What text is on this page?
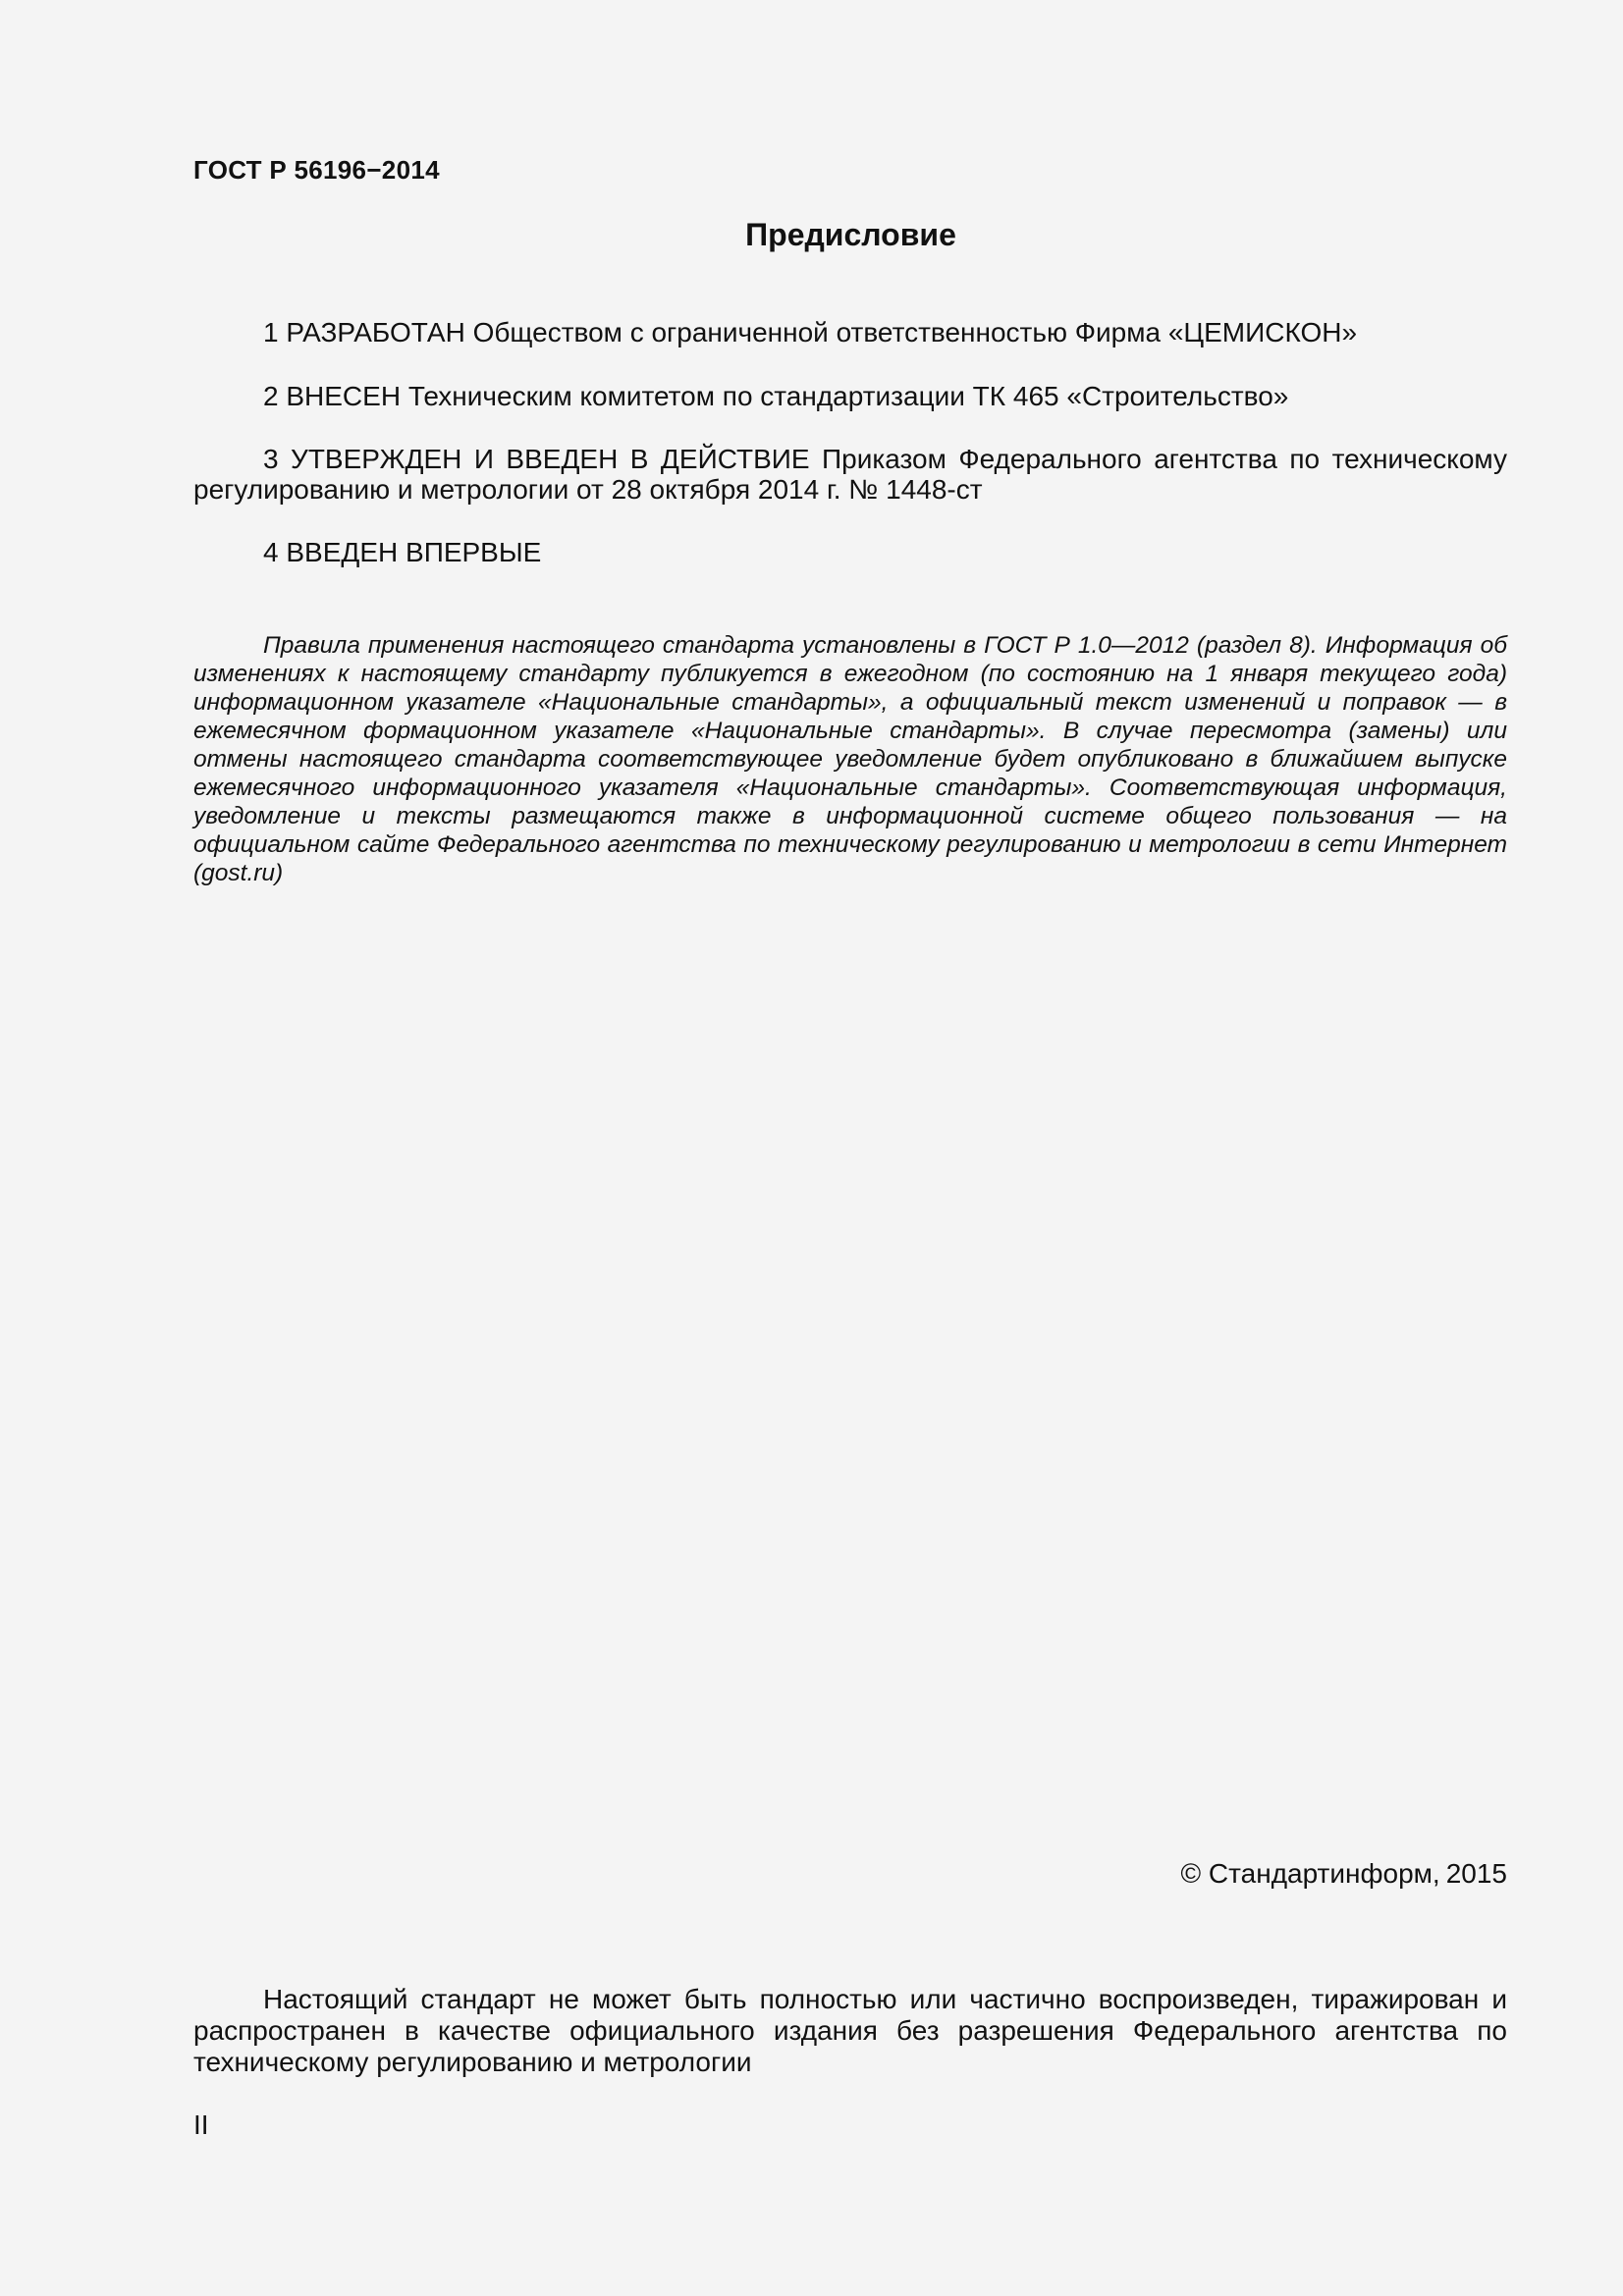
ГОСТ Р 56196−2014
Предисловие
1 РАЗРАБОТАН Обществом с ограниченной ответственностью Фирма «ЦЕМИСКОН»
2 ВНЕСЕН Техническим комитетом по стандартизации ТК 465 «Строительство»
3 УТВЕРЖДЕН И ВВЕДЕН В ДЕЙСТВИЕ Приказом Федерального агентства по техническому регулированию и метрологии от 28 октября 2014 г. № 1448-ст
4 ВВЕДЕН ВПЕРВЫЕ
Правила применения настоящего стандарта установлены в ГОСТ Р 1.0—2012 (раздел 8). Информация об изменениях к настоящему стандарту публикуется в ежегодном (по состоянию на 1 января текущего года) информационном указателе «Национальные стандарты», а официальный текст изменений и поправок — в ежемесячном формационном указателе «Национальные стандарты». В случае пересмотра (замены) или отмены настоящего стандарта соответствующее уведомление будет опубликовано в ближайшем выпуске ежемесячного информационного указателя «Национальные стандарты». Соответствующая информация, уведомление и тексты размещаются также в информационной системе общего пользования — на официальном сайте Федерального агентства по техническому регулированию и метрологии в сети Интернет (gost.ru)
© Стандартинформ, 2015
Настоящий стандарт не может быть полностью или частично воспроизведен, тиражирован и распространен в качестве официального издания без разрешения Федерального агентства по техническому регулированию и метрологии
II
